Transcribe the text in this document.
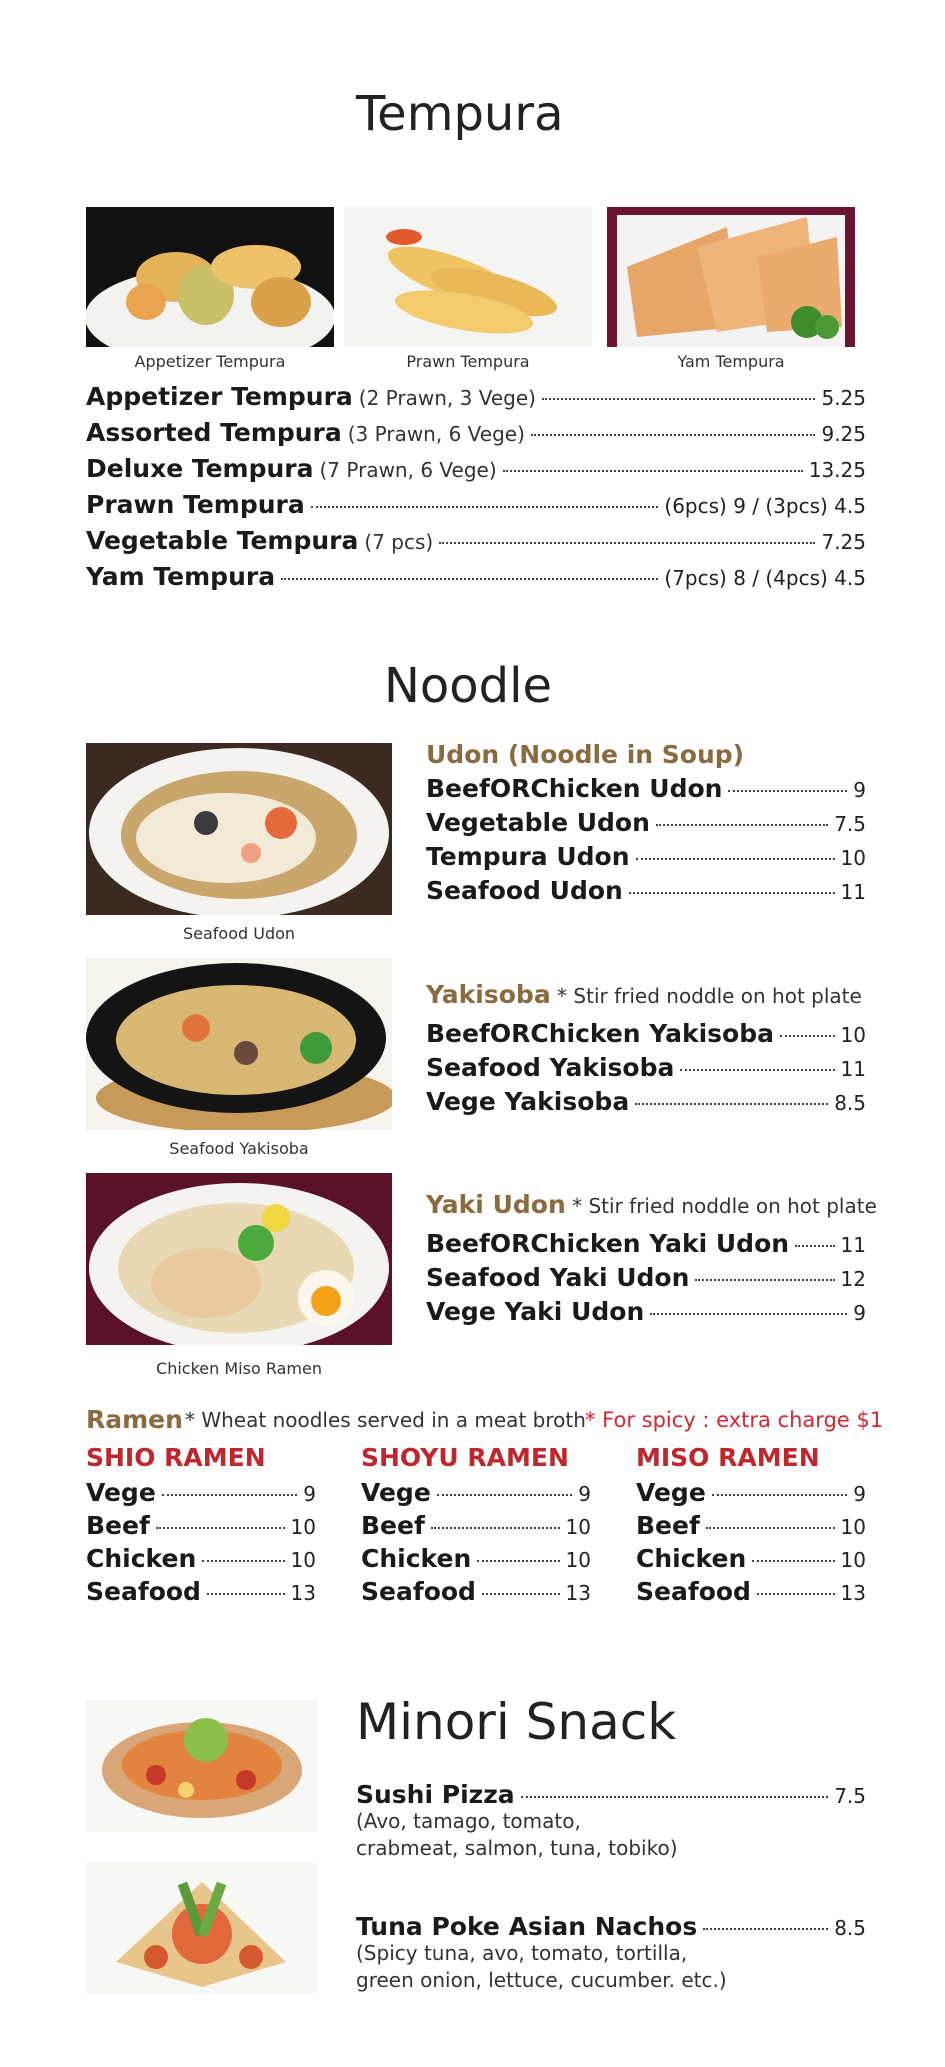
Tempura
Appetizer Tempura	Prawn Tempura	Yam Tempura
Appetizer Tempura (2 Prawn, 3 Vege)	5.25
Assorted Tempura (3 Prawn, 6 Vege)	9.25
Deluxe Tempura (7 Prawn, 6 Vege)	13.25
Prawn Tempura	(6pcs) 9 / (3pcs) 4.5
Vegetable Tempura (7 pcs)	7.25
Yam Tempura	(7pcs) 8 / (4pcs) 4.5
Noodle
Seafood Udon
Udon (Noodle in Soup)
Beef OR Chicken Udon	9
Vegetable Udon	7.5
Tempura Udon	10
Seafood Udon	11
Seafood Yakisoba
Yakisoba * Stir fried noddle on hot plate
Beef OR Chicken Yakisoba	10
Seafood Yakisoba	11
Vege Yakisoba	8.5
Chicken Miso Ramen
Yaki Udon * Stir fried noddle on hot plate
Beef OR Chicken Yaki Udon	11
Seafood Yaki Udon	12
Vege Yaki Udon	9
Ramen * Wheat noodles served in a meat broth * For spicy : extra charge $1
SHIO RAMEN
Vege	9
Beef	10
Chicken	10
Seafood	13
SHOYU RAMEN
Vege	9
Beef	10
Chicken	10
Seafood	13
MISO RAMEN
Vege	9
Beef	10
Chicken	10
Seafood	13
Minori Snack
Sushi Pizza	7.5
(Avo, tamago, tomato,
crabmeat, salmon, tuna, tobiko)
Tuna Poke Asian Nachos	8.5
(Spicy tuna, avo, tomato, tortilla,
green onion, lettuce, cucumber. etc.)
